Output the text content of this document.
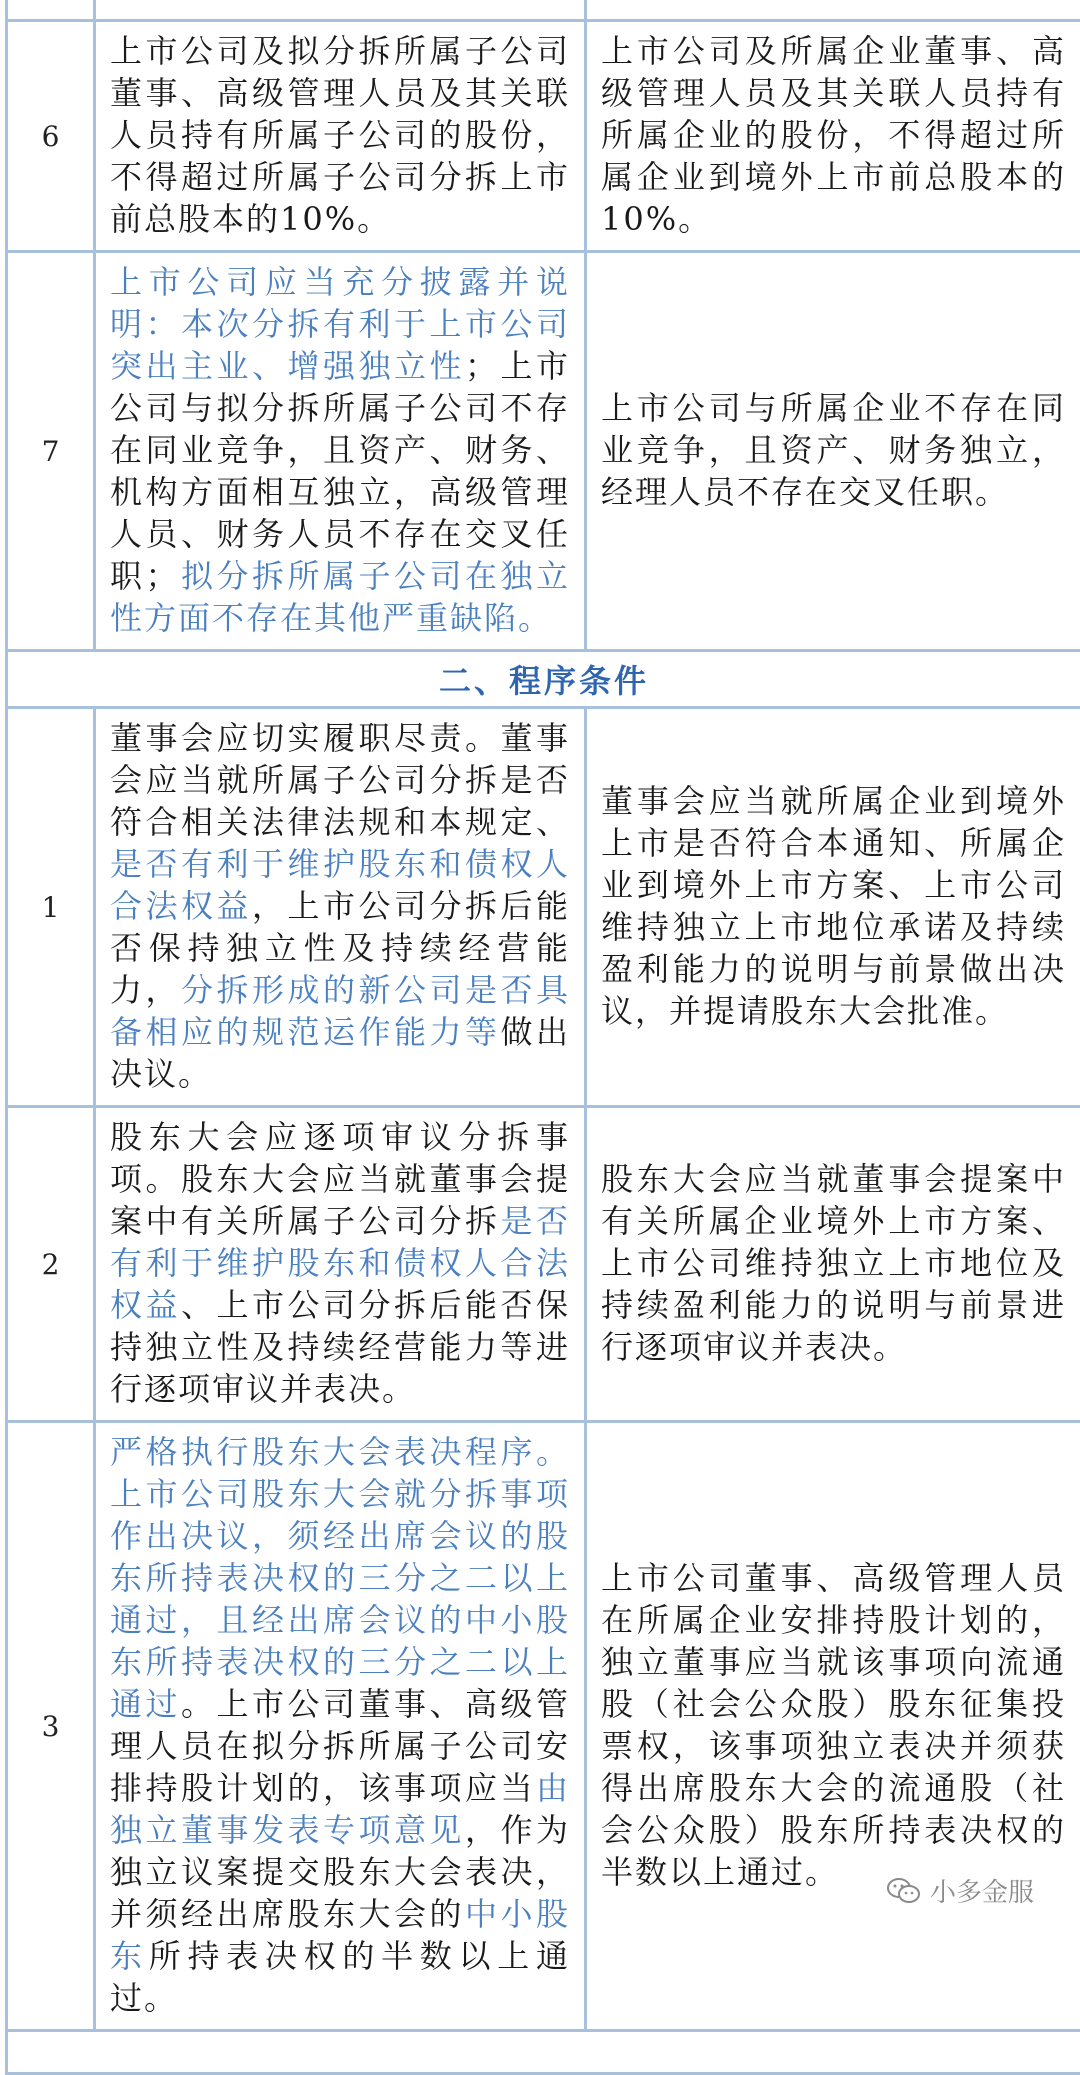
6	上市公司及拟分拆所属子公司董事、高级管理人员及其关联人员持有所属子公司的股份，不得超过所属子公司分拆上市前总股本的10%。	上市公司及所属企业董事、高级管理人员及其关联人员持有所属企业的股份，不得超过所属企业到境外上市前总股本的10%。
7	上市公司应当充分披露并说明：本次分拆有利于上市公司突出主业、增强独立性；上市公司与拟分拆所属子公司不存在同业竞争，且资产、财务、机构方面相互独立，高级管理人员、财务人员不存在交叉任职；拟分拆所属子公司在独立性方面不存在其他严重缺陷。	上市公司与所属企业不存在同业竞争，且资产、财务独立，经理人员不存在交叉任职。
二、程序条件		
1	董事会应切实履职尽责。董事会应当就所属子公司分拆是否符合相关法律法规和本规定、是否有利于维护股东和债权人合法权益，上市公司分拆后能否保持独立性及持续经营能力，分拆形成的新公司是否具备相应的规范运作能力等做出决议。	董事会应当就所属企业到境外上市是否符合本通知、所属企业到境外上市方案、上市公司维持独立上市地位承诺及持续盈利能力的说明与前景做出决议，并提请股东大会批准。
2	股东大会应逐项审议分拆事项。股东大会应当就董事会提案中有关所属子公司分拆是否有利于维护股东和债权人合法权益、上市公司分拆后能否保持独立性及持续经营能力等进行逐项审议并表决。	股东大会应当就董事会提案中有关所属企业境外上市方案、上市公司维持独立上市地位及持续盈利能力的说明与前景进行逐项审议并表决。
3	严格执行股东大会表决程序。上市公司股东大会就分拆事项作出决议，须经出席会议的股东所持表决权的三分之二以上通过，且经出席会议的中小股东所持表决权的三分之二以上通过。上市公司董事、高级管理人员在拟分拆所属子公司安排持股计划的，该事项应当由独立董事发表专项意见，作为独立议案提交股东大会表决，并须经出席股东大会的中小股东所持表决权的半数以上通过。	上市公司董事、高级管理人员在所属企业安排持股计划的，独立董事应当就该事项向流通股（社会公众股）股东征集投票权，该事项独立表决并须获得出席股东大会的流通股（社会公众股）股东所持表决权的半数以上通过。

小多金服
